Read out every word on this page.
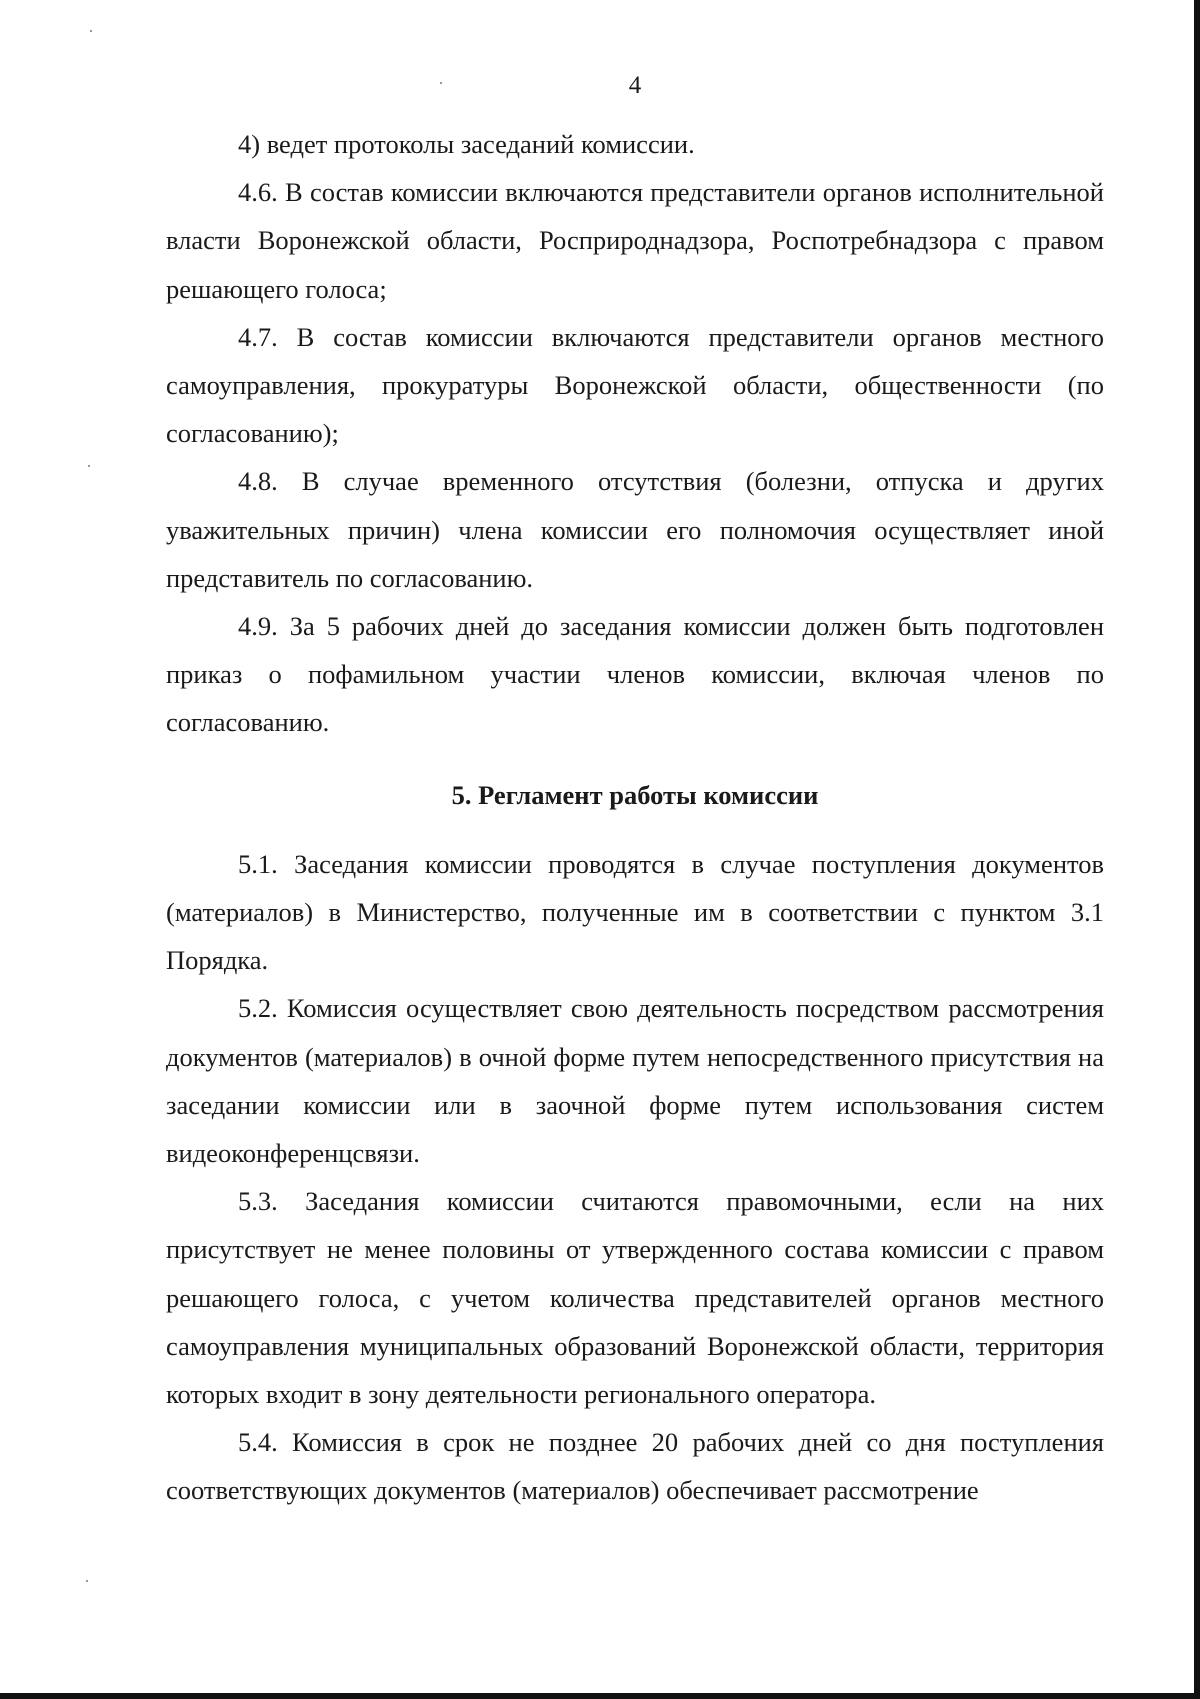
4

4) ведет протоколы заседаний комиссии.

4.6. В состав комиссии включаются представители органов исполнительной власти Воронежской области, Росприроднадзора, Роспотребнадзора с правом решающего голоса;

4.7. В состав комиссии включаются представители органов местного самоуправления, прокуратуры Воронежской области, общественности (по согласованию);

4.8. В случае временного отсутствия (болезни, отпуска и других уважительных причин) члена комиссии его полномочия осуществляет иной представитель по согласованию.

4.9. За 5 рабочих дней до заседания комиссии должен быть подготовлен приказ о пофамильном участии членов комиссии, включая членов по согласованию.

5. Регламент работы комиссии

5.1. Заседания комиссии проводятся в случае поступления документов (материалов) в Министерство, полученные им в соответствии с пунктом 3.1 Порядка.

5.2. Комиссия осуществляет свою деятельность посредством рассмотрения документов (материалов) в очной форме путем непосредственного присутствия на заседании комиссии или в заочной форме путем использования систем видеоконференцсвязи.

5.3. Заседания комиссии считаются правомочными, если на них присутствует не менее половины от утвержденного состава комиссии с правом решающего голоса, с учетом количества представителей органов местного самоуправления муниципальных образований Воронежской области, территория которых входит в зону деятельности регионального оператора.

5.4. Комиссия в срок не позднее 20 рабочих дней со дня поступления соответствующих документов (материалов) обеспечивает рассмотрение
